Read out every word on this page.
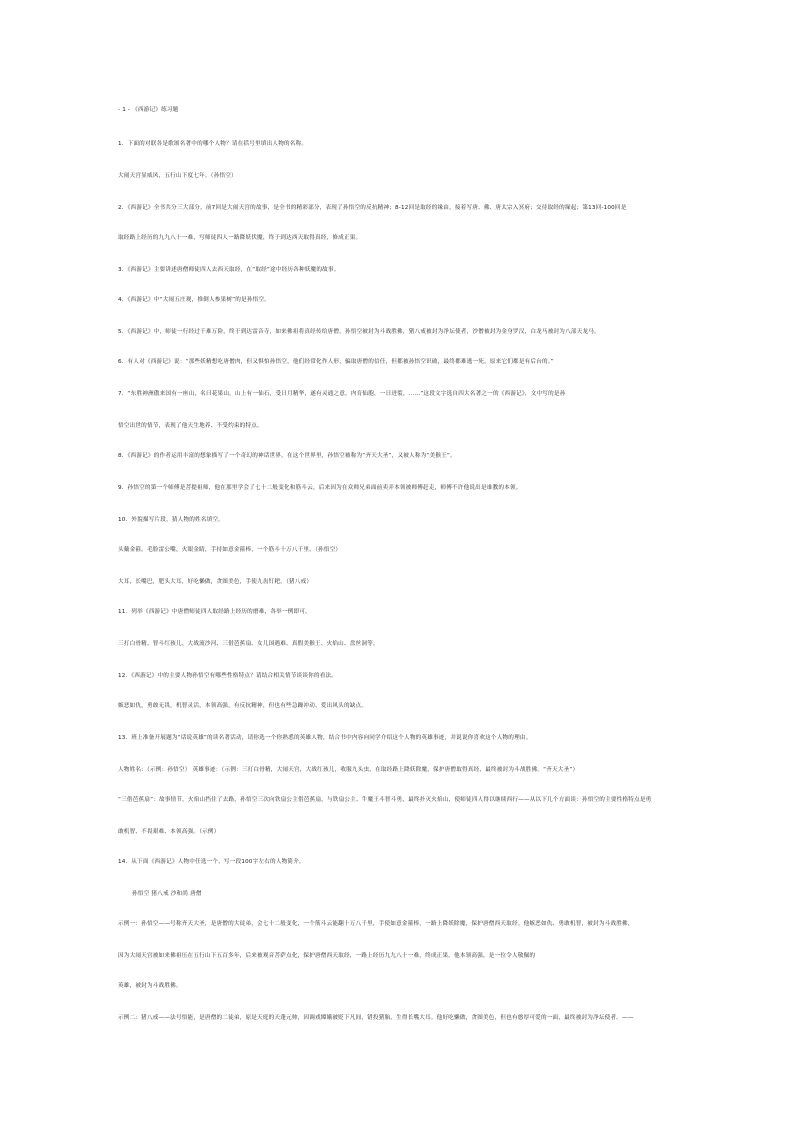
- 1 - 《西游记》练习题
1．下面的对联各是歌颂名著中的哪个人物？请在括号里填出人物的名称。
大闹天宫显威风，五行山下度七年。（孙悟空）
2．《西游记》全书共分三大部分，前7回是大闹天宫的故事，是全书的精彩部分，表现了孙悟空的反抗精神；8-12回是取经的缘由，接着写唐、佛、唐太宗入冥府；交待取经的缘起；第13回-100回是
取经路上经历的九九八十一难，写师徒四人一路降妖伏魔，终于到达西天取得真经，修成正果。
3．《西游记》主要讲述唐僧师徒四人去西天取经，在“取经”途中经历各种妖魔的故事。
4．《西游记》中“大闹五庄观，推倒人参果树”的是孙悟空。
5．《西游记》中，师徒一行经过千难万险，终于到达雷音寺，如来佛祖将真经传给唐僧，孙悟空被封为斗战胜佛，猪八戒被封为净坛使者，沙僧被封为金身罗汉，白龙马被封为八部天龙马。
6．有人对《西游记》说：“那些妖精想吃唐僧肉，但又惧怕孙悟空，他们经常化作人形，骗取唐僧的信任，但都被孙悟空识破，最终都难逃一死，原来它们都是有后台的。”
7．“东胜神洲傲来国有一座山，名曰花果山。山上有一仙石，受日月精华，遂有灵通之意，内育仙胞，一日迸裂，……”这段文字选自四大名著之一的《西游记》，文中写的是孙
悟空出世的情节，表现了他天生地养、不受约束的特点。
8．《西游记》的作者运用丰富的想象描写了一个奇幻的神话世界，在这个世界里，孙悟空被称为“齐天大圣”，又被人称为“美猴王”。
9．孙悟空的第一个师傅是菩提祖师，他在那里学会了七十二般变化和筋斗云，后来因为在众师兄弟面前卖弄本领被师傅赶走，师傅不许他说出是谁教的本领。
10．外貌描写片段，猜人物的姓名填空。
头戴金箍，毛脸雷公嘴，火眼金睛，手持如意金箍棒，一个筋斗十万八千里。（孙悟空）
大耳，长嘴巴，肥头大耳，好吃懒做，贪图美色，手使九齿钉耙。（猪八戒）
11．列举《西游记》中唐僧师徒四人取经路上经历的磨难，各举一例即可。
三打白骨精、智斗红孩儿、大战流沙河、三借芭蕉扇、女儿国遇难、真假美猴王、火焰山、盘丝洞等。
12．《西游记》中的主要人物孙悟空有哪些性格特点？请结合相关情节谈谈你的看法。
嫉恶如仇，勇敢无畏，机智灵活，本领高强，有反抗精神，但也有些急躁冲动、爱出风头的缺点。
13．班上准备开展题为“话说英雄”的读名著活动，请你选一个你熟悉的英雄人物，结合书中内容向同学介绍这个人物的英雄事迹，并说说你喜欢这个人物的理由。
人物姓名：（示例：孙悟空） 英雄事迹：（示例：三打白骨精，大闹天宫，大战红孩儿，收服九头虫，在取经路上降妖除魔，保护唐僧取得真经，最终被封为斗战胜佛。“齐天大圣”）
“三借芭蕉扇”：故事情节，火焰山挡住了去路，孙悟空三次向铁扇公主借芭蕉扇，与铁扇公主、牛魔王斗智斗勇，最终扑灭火焰山，使师徒四人得以继续西行——从以下几个方面谈：孙悟空的主要性格特点是勇
敢机智、不畏艰难、本领高强。（示例）
14．从下面《西游记》人物中任选一个，写一段100字左右的人物简介。
孙悟空 猪八戒 沙和尚 唐僧
示例一：孙悟空——号称齐天大圣，是唐僧的大徒弟，会七十二般变化，一个筋斗云能翻十万八千里，手使如意金箍棒，一路上降妖除魔，保护唐僧西天取经。他嫉恶如仇、勇敢机智，被封为斗战胜佛，
因为大闹天宫被如来佛祖压在五行山下五百多年，后来被观音菩萨点化，保护唐僧西天取经，一路上经历九九八十一难，终成正果。他本领高强，是一位令人敬佩的
英雄，被封为斗战胜佛。
示例二：猪八戒——法号悟能，是唐僧的二徒弟，原是天庭的天蓬元帅，因调戏嫦娥被贬下凡间，错投猪胎，生得长嘴大耳。他好吃懒做，贪图美色，但也有憨厚可爱的一面，最终被封为净坛使者。——
